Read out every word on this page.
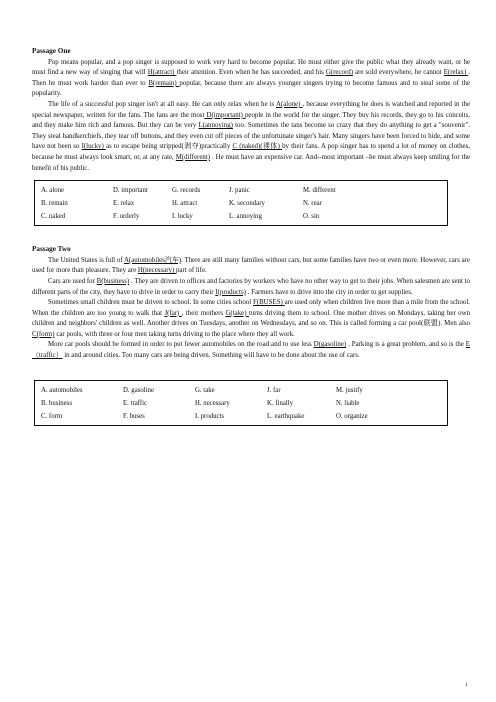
Passage One

Pop means popular, and a pop singer is supposed to work very hard to become popular. He must either give the public what they already want, or he must find a new way of singing that will H(attract) their attention. Even when he has succeeded, and his G(record) are sold everywhere, he cannot E(relax) . Then he must work harder than ever to B(remain) popular, because there are always younger singers trying to become famous and to steal some of the popularity.

The life of a successful pop singer isn't at all easy. He can only relax when he is A(alone) , because everything he does is watched and reported in the special newspaper, written for the fans. The fans are the most D(important) people in the world for the singer. They buy his records, they go to his conceits, and they make him rich and famous. But they can be very L(annoying) too. Sometimes the tans become so crazy that they do anything to get a "souvenir". They steal handkerchiefs, they tear off buttons, and they even cut off pieces of the unfortunate singer's hair. Many singers have been forced to hide, and some have not been so I(lucky) as to escape being stripped(剥夺)practically C (naked)(裸体) by their fans. A pop singer has to spend a lot of money on clothes, because he must always look smart, or, at any rate, M(different) . He must have an expensive car. And--most important –he must always keep smiling for the benefit of his public.

A. alone	D. important	G. records	J. panic	M. different
B. remain	E. relax	H. attract	K. secondary	N. rear
C. naked	F. orderly	I. lucky	L. annoying	O. sin
Passage Two

The United States is full of A(automobiles汽车). There are still many families without cars, but some families have two or even more. However, cars are used for more than pleasure. They are H(necessary) part of life.

Cars are used for B(business) . They are driven to offices and factories by workers who have no other way to get to their jobs. When salesmen are sent to different parts of the city, they have to drive in order to carry their I(products) . Farmers have to drive into the city in order to get supplies.

Sometimes small children must be driven to school. In some cities school F(BUSES) are used only when children live more than a mile from the school. When the children are too young to walk that J(far) , their mothers G(take) turns driving them to school. One mother drives on Mondays, taking her own children and neighbors' children as well. Another drives on Tuesdays, another on Wednesdays, and so on. This is called forming a car pool(联盟). Men also C(form) car pools, with three or four men taking turns driving to the place where they all work.

More car pools should be formed in order to put fewer automobiles on the road and to use less D(gasoline) . Parking is a great problem, and so is the E（traffic） in and around cities. Too many cars are being driven. Something will have to be done about the use of cars.

A. automobiles	D. gasoline	G. take	J. far	M. justify
B. business	E. traffic	H. necessary	K. finally	N. liable
C. form	F. buses	I. products	L. earthquake	O. organize
1
